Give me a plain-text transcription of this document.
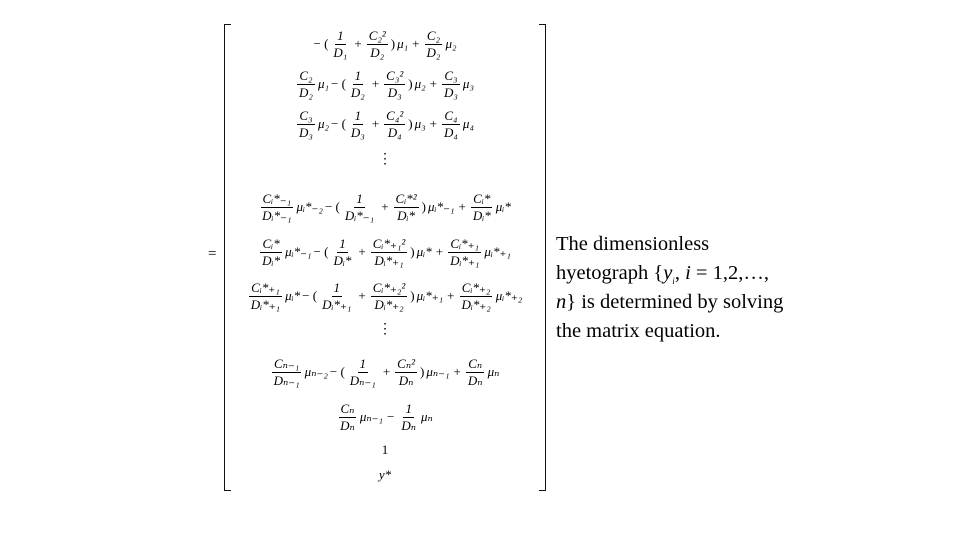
=
− ( $\frac{1}{\text{D₁}} + \frac{\text{C₂²}}{\text{D₂}}$ ) $\mu_1 + \frac{\text{C₂}}{\text{D₂}} \mu_2$
$\frac{\text{C₂}}{\text{D₂}} \mu_1$ − ( $\frac{1}{\text{D₂}} + \frac{\text{C₃²}}{\text{D₃}}$ ) $\mu_2 + \frac{\text{C₃}}{\text{D₃}} \mu_3$
$\frac{\text{C₃}}{\text{D₃}} \mu_2$ − ( $\frac{1}{\text{D₃}} + \frac{\text{C₄²}}{\text{D₄}}$ ) $\mu_3 + \frac{\text{C₄}}{\text{D₄}} \mu_4$
⋮
$\frac{\text{Cᵢ*₋₁}}{\text{Dᵢ*₋₁}}$ μᵢ*₋₂ − ( $\frac{1}{\text{Dᵢ*₋₁}} + \frac{\text{Cᵢ*²}}{\text{Dᵢ*}}$ ) μᵢ*₋₁ + $\frac{\text{Cᵢ*}}{\text{Dᵢ*}}$ μᵢ*
$\frac{\text{Cᵢ*}}{\text{Dᵢ*}}$ μᵢ*₋₁ − ( $\frac{1}{\text{Dᵢ*}} + \frac{\text{Cᵢ*₊₁²}}{\text{Dᵢ*₊₁}}$ ) μᵢ* + $\frac{\text{Cᵢ*₊₁}}{\text{Dᵢ*₊₁}}$ μᵢ*₊₁
$\frac{\text{Cᵢ*₊₁}}{\text{Dᵢ*₊₁}}$ μᵢ* − ( $\frac{1}{\text{Dᵢ*₊₁}} + \frac{\text{Cᵢ*₊₂²}}{\text{Dᵢ*₊₂}}$ ) μᵢ*₊₁ + $\frac{\text{Cᵢ*₊₂}}{\text{Dᵢ*₊₂}}$ μᵢ*₊₂
⋮
$\frac{\text{Cₙ₋₁}}{\text{Dₙ₋₁}} \mu_{n-2}$ − ( $\frac{1}{\text{Dₙ₋₁}} + \frac{\text{Cₙ²}}{\text{Dₙ}}$ ) $\mu_{n-1} + \frac{\text{Cₙ}}{\text{Dₙ}}$ μₙ
$\frac{\text{Cₙ}}{\text{Dₙ}} \mu_{n-1} - \frac{1}{\text{Dₙ}}$ μₙ
1
y*
The dimensionless
hyetograph {$y_i$, i = 1,2,…,
n} is determined by solving
the matrix equation.
